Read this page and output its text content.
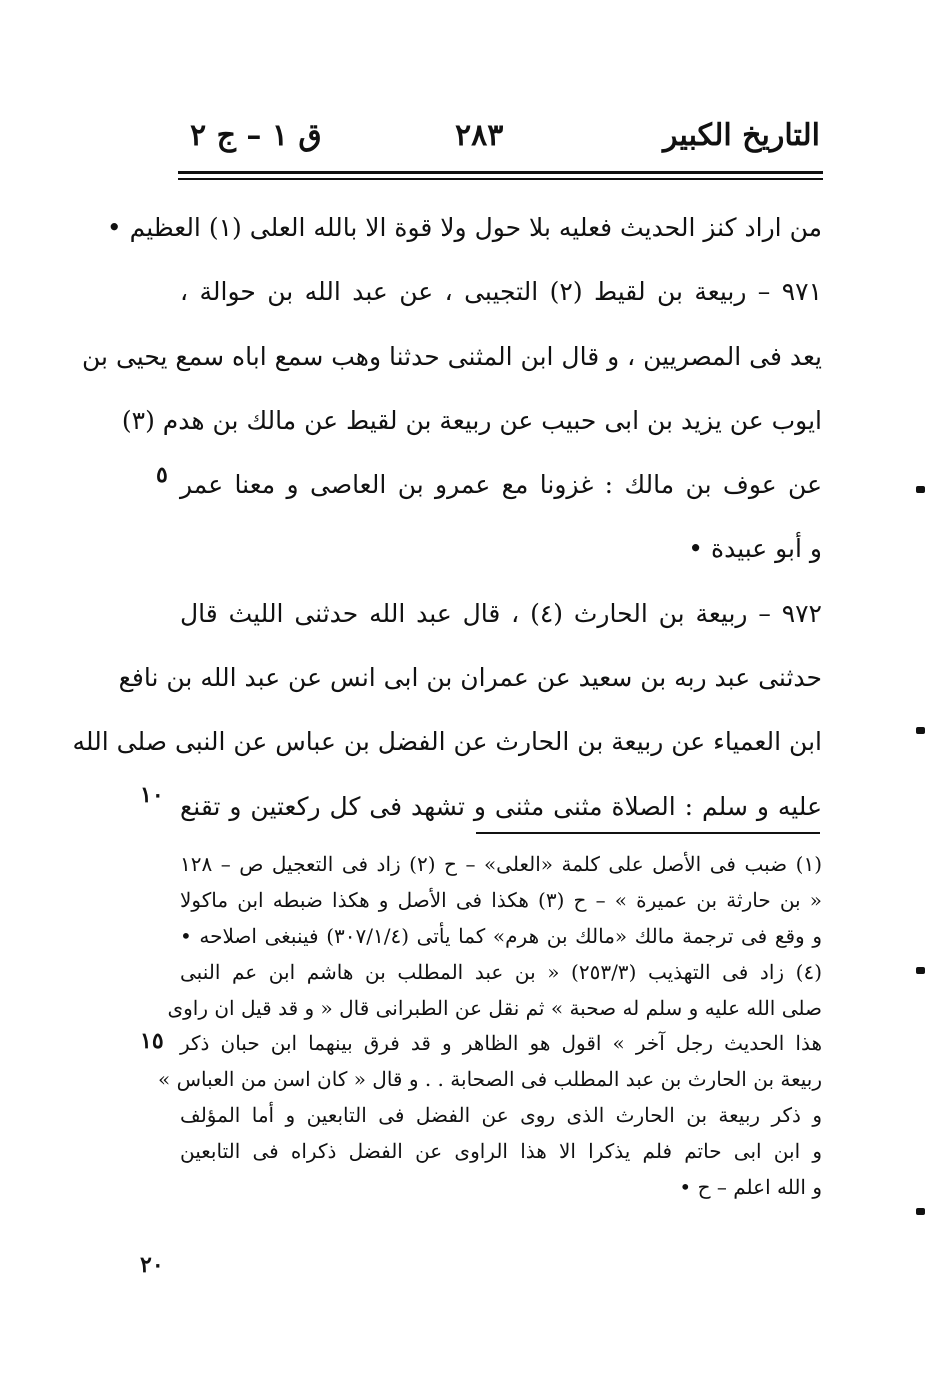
التاريخ الكبير
٢٨٣
ق ١ – ج ٢
من اراد كنز الحديث فعليه بلا حول ولا قوة الا بالله العلى (١) العظيم •
٩٧١ – ربيعة بن لقيط (٢) التجيبى ، عن عبد الله بن حوالة ،
يعد فى المصريين ، و قال ابن المثنى حدثنا وهب سمع اباه سمع يحيى بن
ايوب عن يزيد بن ابى حبيب عن ربيعة بن لقيط عن مالك بن هدم (٣)
عن عوف بن مالك : غزونا مع عمرو بن العاصى و معنا عمر
و أبو عبيدة •
٩٧٢ – ربيعة بن الحارث (٤) ، قال عبد الله حدثنى الليث قال
حدثنى عبد ربه بن سعيد عن عمران بن ابى انس عن عبد الله بن نافع
ابن العمياء عن ربيعة بن الحارث عن الفضل بن عباس عن النبى صلى الله
عليه و سلم : الصلاة مثنى مثنى و تشهد فى كل ركعتين و تقنع
(١) ضبب فى الأصل على كلمة «العلى» – ح (٢) زاد فى التعجيل ص – ١٢٨
« بن حارثة بن عميرة » – ح (٣) هكذا فى الأصل و هكذا ضبطه ابن ماكولا
و وقع فى ترجمة مالك «مالك بن هرم» كما يأتى (٣٠٧/١/٤) فينبغى اصلاحه •
(٤) زاد فى التهذيب (٢٥٣/٣) « بن عبد المطلب بن هاشم ابن عم النبى
صلى الله عليه و سلم له صحبة » ثم نقل عن الطبرانى قال « و قد قيل ان راوى
هذا الحديث رجل آخر » اقول هو الظاهر و قد فرق بينهما ابن حبان ذكر
ربيعة بن الحارث بن عبد المطلب فى الصحابة . . و قال « كان اسن من العباس »
و ذكر ربيعة بن الحارث الذى روى عن الفضل فى التابعين و أما المؤلف
و ابن ابى حاتم فلم يذكرا الا هذا الراوى عن الفضل ذكراه فى التابعين
و الله اعلم – ح •
٥
١٠
١٥
٢٠
